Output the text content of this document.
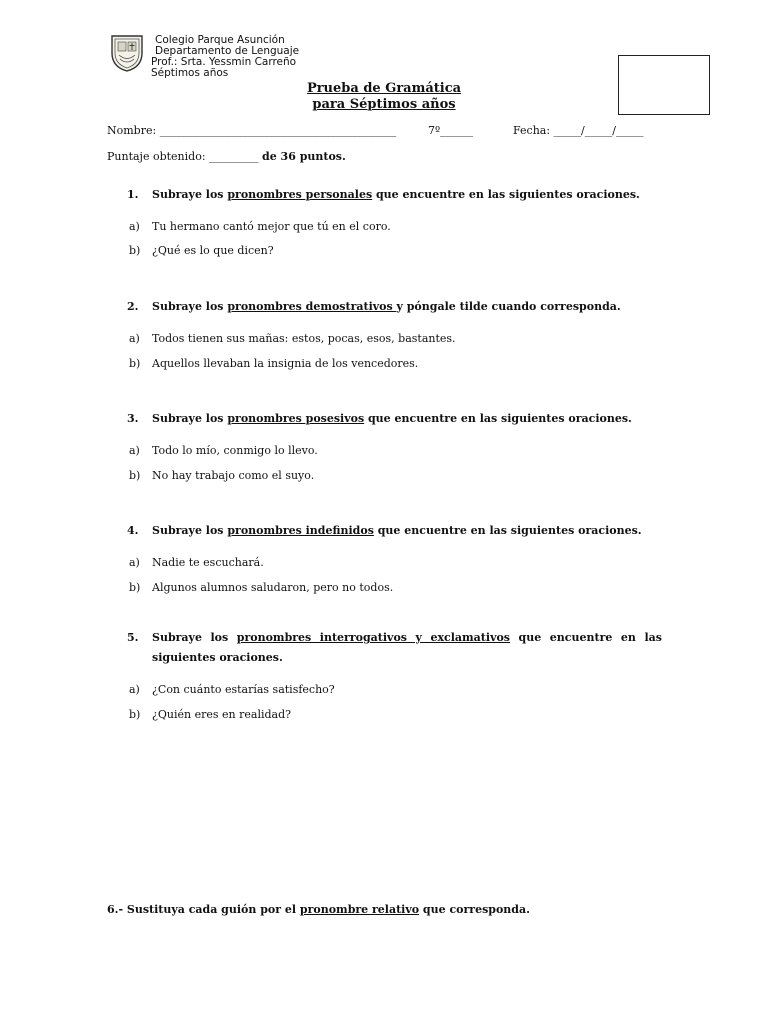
Colegio Parque Asunción
Departamento de Lenguaje
Prof.: Srta. Yessmin Carreño
Séptimos años
Prueba de Gramática
para Séptimos años
Nombre: ___________________________________________	7º______	Fecha: _____/_____/_____
Puntaje obtenido: _________ de 36 puntos.
1. Subraye los pronombres personales que encuentre en las siguientes oraciones.
a) Tu hermano cantó mejor que tú en el coro.
b) ¿Qué es lo que dicen?
2. Subraye los pronombres demostrativos y póngale tilde cuando corresponda.
a) Todos tienen sus mañas: estos, pocas, esos, bastantes.
b) Aquellos llevaban la insignia de los vencedores.
3. Subraye los pronombres posesivos que encuentre en las siguientes oraciones.
a) Todo lo mío, conmigo lo llevo.
b) No hay trabajo como el suyo.
4. Subraye los pronombres indefinidos que encuentre en las siguientes oraciones.
a) Nadie te escuchará.
b) Algunos alumnos saludaron, pero no todos.
5. Subraye los pronombres interrogativos y exclamativos que encuentre en las
siguientes oraciones.
a) ¿Con cuánto estarías satisfecho?
b) ¿Quién eres en realidad?
6.- Sustituya cada guión por el pronombre relativo que corresponda.
